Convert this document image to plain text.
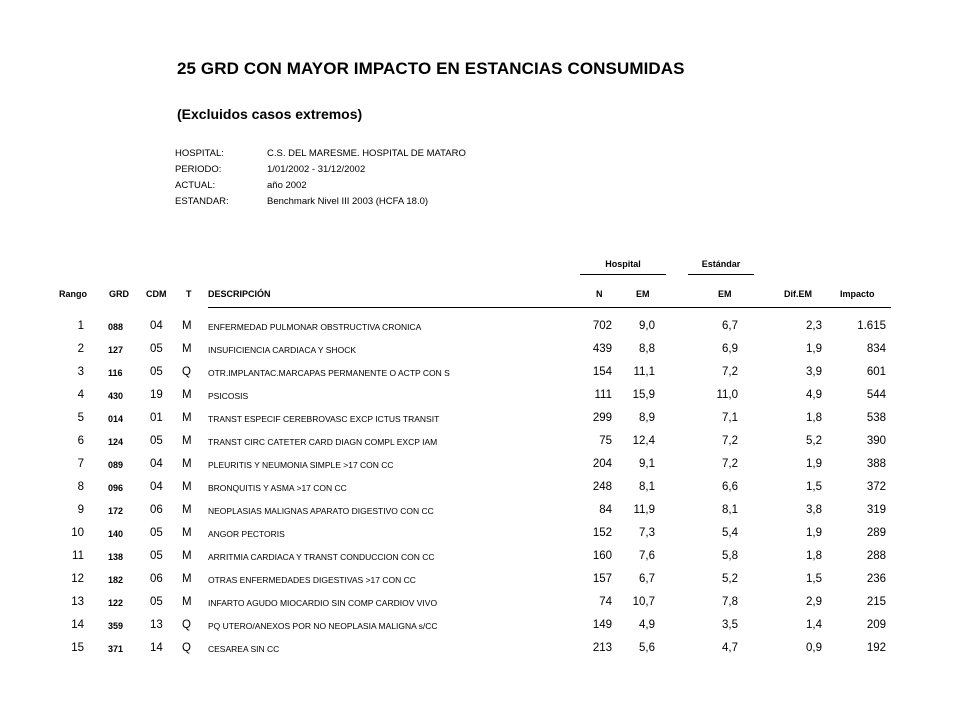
25 GRD CON MAYOR IMPACTO EN ESTANCIAS CONSUMIDAS
(Excluidos casos extremos)
HOSPITAL:	C.S. DEL MARESME. HOSPITAL DE MATARO
PERIODO:	1/01/2002 - 31/12/2002
ACTUAL:	año 2002
ESTANDAR:	Benchmark Nivel III 2003 (HCFA 18.0)
Hospital	Estándar
Rango GRD CDM T DESCRIPCIÓN	N	EM	EM	Dif.EM	Impacto
1	088 04 M ENFERMEDAD PULMONAR OBSTRUCTIVA CRONICA	702	9,0	6,7	2,3	1.615
2	127 05 M INSUFICIENCIA CARDIACA Y SHOCK	439	8,8	6,9	1,9	834
3	116 05 Q OTR.IMPLANTAC.MARCAPAS PERMANENTE O ACTP CON S	154	11,1	7,2	3,9	601
4	430 19 M PSICOSIS	111	15,9	11,0	4,9	544
5	014 01 M TRANST ESPECIF CEREBROVASC EXCP ICTUS TRANSIT	299	8,9	7,1	1,8	538
6	124 05 M TRANST CIRC CATETER CARD DIAGN COMPL EXCP IAM	75	12,4	7,2	5,2	390
7	089 04 M PLEURITIS Y NEUMONIA SIMPLE >17 CON CC	204	9,1	7,2	1,9	388
8	096 04 M BRONQUITIS Y ASMA >17 CON CC	248	8,1	6,6	1,5	372
9	172 06 M NEOPLASIAS MALIGNAS APARATO DIGESTIVO CON CC	84	11,9	8,1	3,8	319
10	140 05 M ANGOR PECTORIS	152	7,3	5,4	1,9	289
11	138 05 M ARRITMIA CARDIACA Y TRANST CONDUCCION CON CC	160	7,6	5,8	1,8	288
12	182 06 M OTRAS ENFERMEDADES DIGESTIVAS >17 CON CC	157	6,7	5,2	1,5	236
13	122 05 M INFARTO AGUDO MIOCARDIO SIN COMP CARDIOV VIVO	74	10,7	7,8	2,9	215
14	359 13 Q PQ UTERO/ANEXOS POR NO NEOPLASIA MALIGNA s/CC	149	4,9	3,5	1,4	209
15	371 14 Q CESAREA SIN CC	213	5,6	4,7	0,9	192
